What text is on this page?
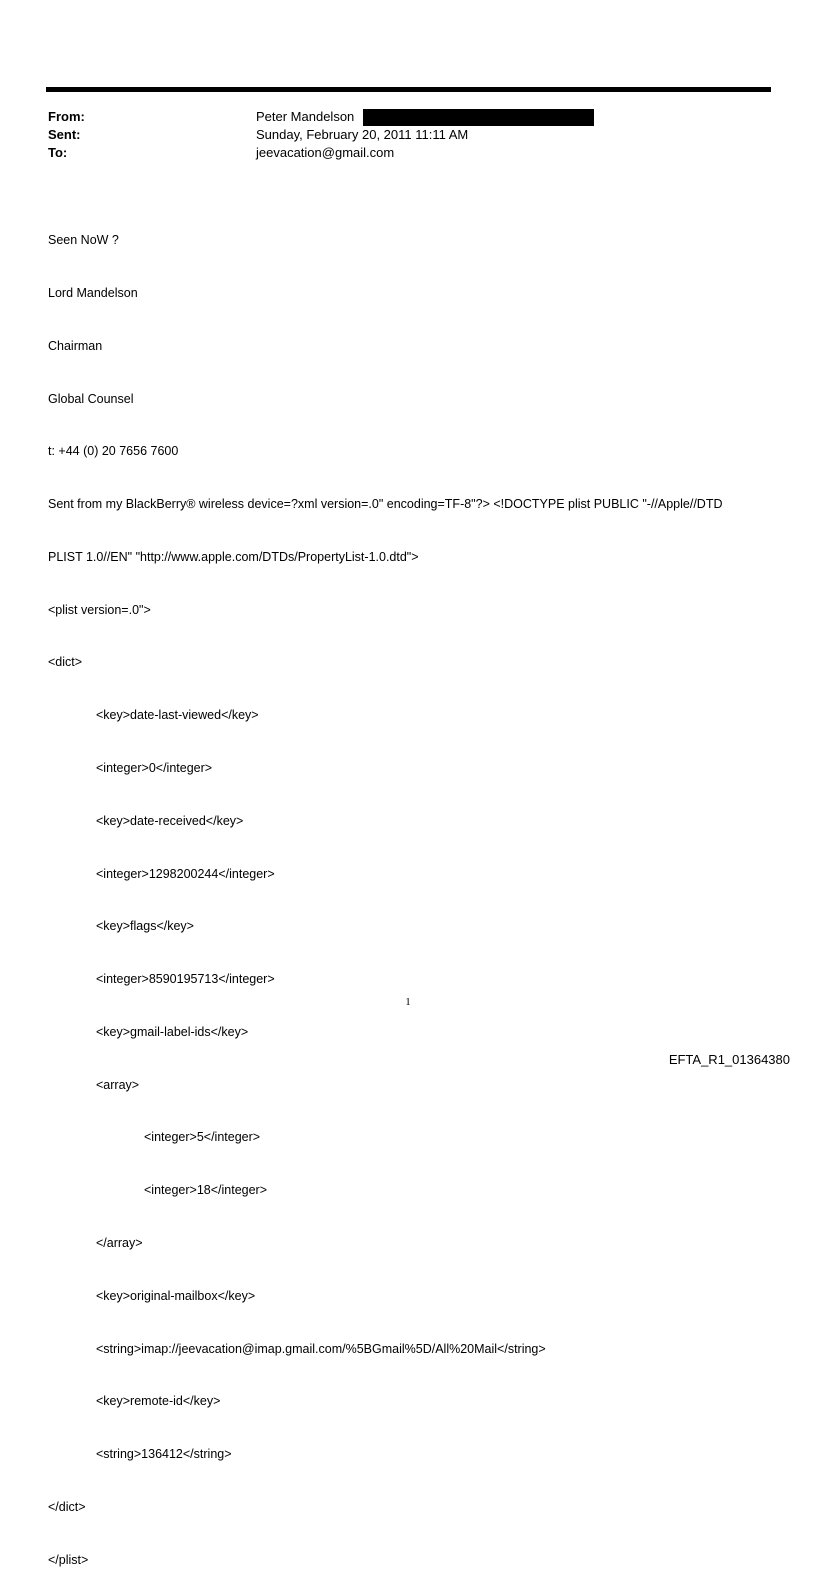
From:	Peter Mandelson
Sent:	Sunday, February 20, 2011 11:11 AM
To:	jeevacation@gmail.com

Seen NoW ?

Lord Mandelson

Chairman

Global Counsel

t: +44 (0) 20 7656 7600

Sent from my BlackBerry® wireless device=?xml version=.0" encoding=TF-8"?> <!DOCTYPE plist PUBLIC "-//Apple//DTD

PLIST 1.0//EN" "http://www.apple.com/DTDs/PropertyList-1.0.dtd">

<plist version=.0">

<dict>

<key>date-last-viewed</key>

<integer>0</integer>

<key>date-received</key>

<integer>1298200244</integer>

<key>flags</key>

<integer>8590195713</integer>

<key>gmail-label-ids</key>

<array>

<integer>5</integer>

<integer>18</integer>

</array>

<key>original-mailbox</key>

<string>imap://jeevacation@imap.gmail.com/%5BGmail%5D/All%20Mail</string>

<key>remote-id</key>

<string>136412</string>

</dict>

</plist>

1
EFTA_R1_01364380
